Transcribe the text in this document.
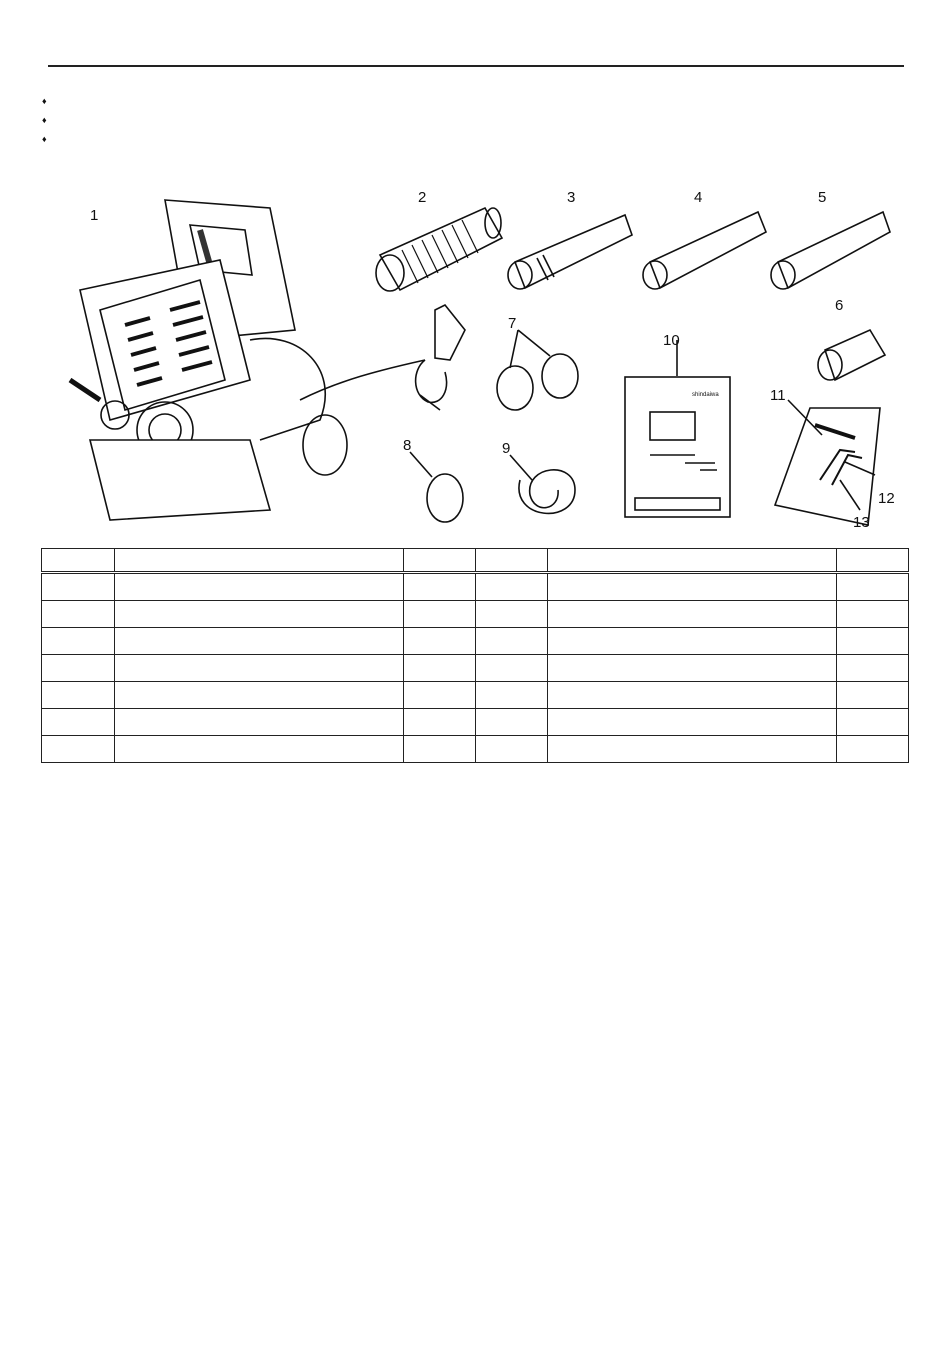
♦
♦
♦
1
2	3	4	5
6
7
8	9
10
11
12
13
shindaiwa
